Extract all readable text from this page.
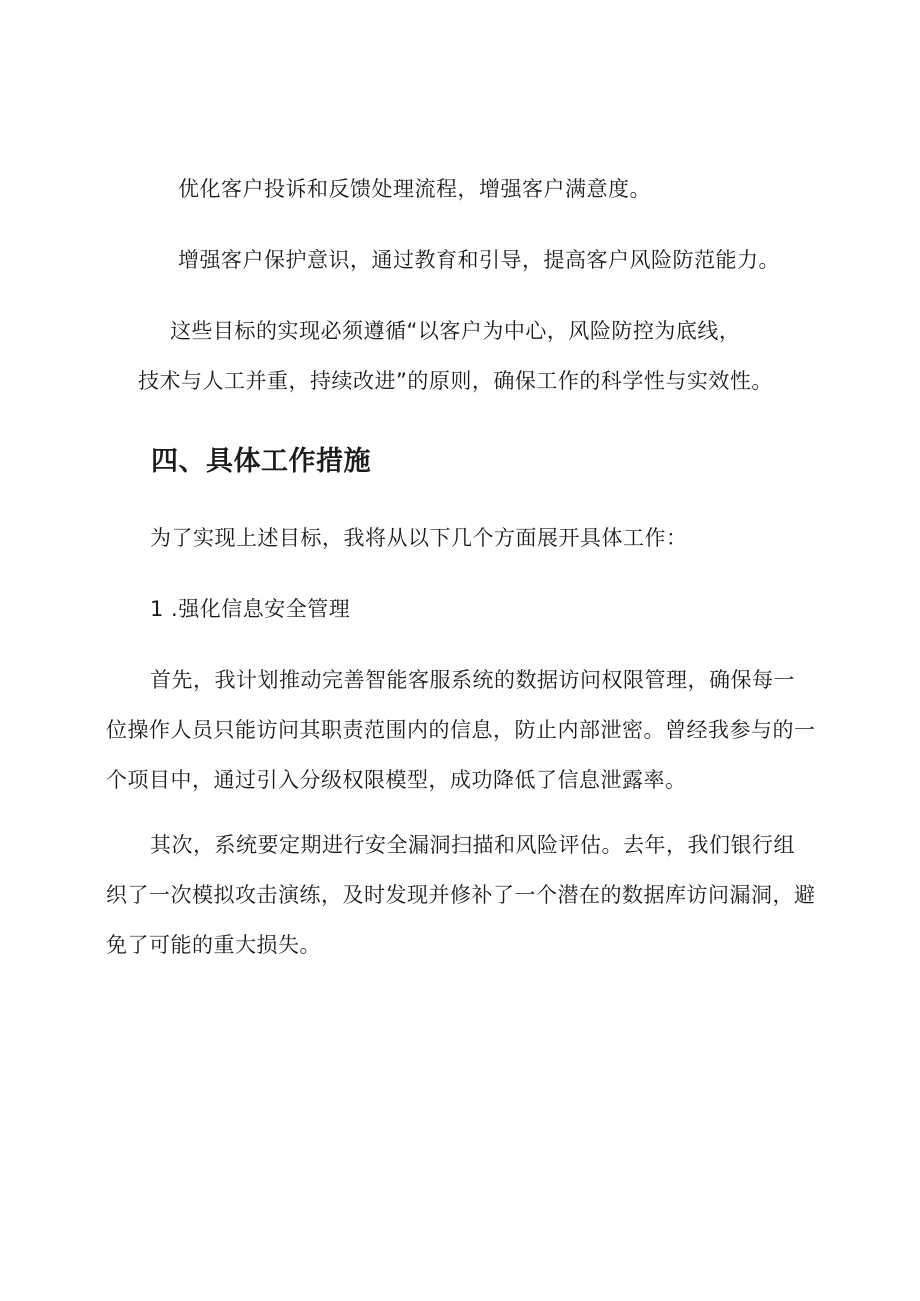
优化客户投诉和反馈处理流程，增强客户满意度。
增强客户保护意识，通过教育和引导，提高客户风险防范能力。
这些目标的实现必须遵循“以客户为中心，风险防控为底线，
技术与人工并重，持续改进”的原则，确保工作的科学性与实效性。
四、具体工作措施
为了实现上述目标，我将从以下几个方面展开具体工作：
1 .强化信息安全管理
首先，我计划推动完善智能客服系统的数据访问权限管理，确保每一
位操作人员只能访问其职责范围内的信息，防止内部泄密。曾经我参与的一
个项目中，通过引入分级权限模型，成功降低了信息泄露率。
其次，系统要定期进行安全漏洞扫描和风险评估。去年，我们银行组
织了一次模拟攻击演练，及时发现并修补了一个潜在的数据库访问漏洞，避
免了可能的重大损失。
